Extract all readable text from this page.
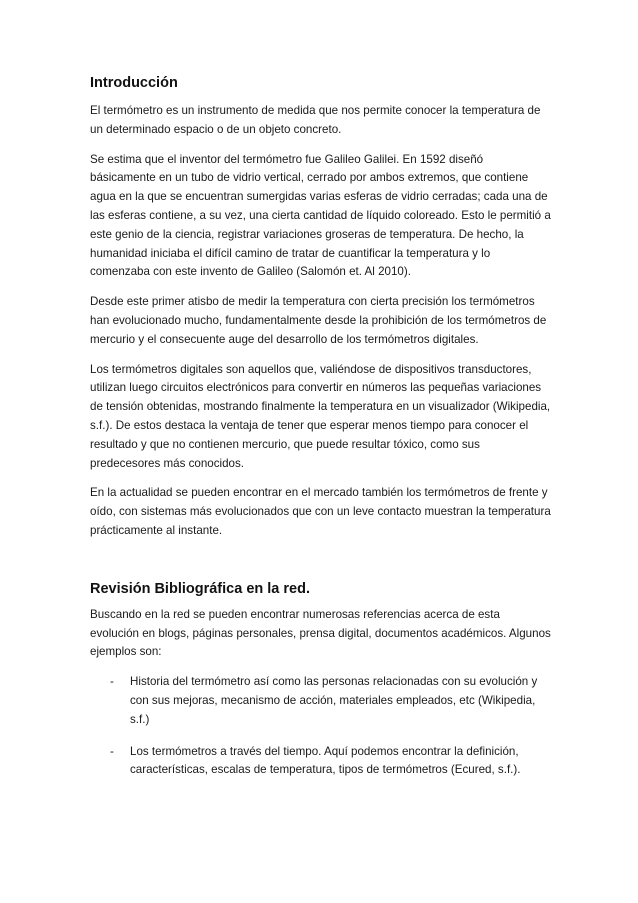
Introducción

El termómetro es un instrumento de medida que nos permite conocer la temperatura de un determinado espacio o de un objeto concreto.

Se estima que el inventor del termómetro fue Galileo Galilei. En 1592 diseñó básicamente en un tubo de vidrio vertical, cerrado por ambos extremos, que contiene agua en la que se encuentran sumergidas varias esferas de vidrio cerradas; cada una de las esferas contiene, a su vez, una cierta cantidad de líquido coloreado. Esto le permitió a este genio de la ciencia, registrar variaciones groseras de temperatura. De hecho, la humanidad iniciaba el difícil camino de tratar de cuantificar la temperatura y lo comenzaba con este invento de Galileo (Salomón et. Al 2010).

Desde este primer atisbo de medir la temperatura con cierta precisión los termómetros han evolucionado mucho, fundamentalmente desde la prohibición de los termómetros de mercurio y el consecuente auge del desarrollo de los termómetros digitales.

Los termómetros digitales son aquellos que, valiéndose de dispositivos transductores, utilizan luego circuitos electrónicos para convertir en números las pequeñas variaciones de tensión obtenidas, mostrando finalmente la temperatura en un visualizador (Wikipedia, s.f.). De estos destaca la ventaja de tener que esperar menos tiempo para conocer el resultado y que no contienen mercurio, que puede resultar tóxico, como sus predecesores más conocidos.

En la actualidad se pueden encontrar en el mercado también los termómetros de frente y oído, con sistemas más evolucionados que con un leve contacto muestran la temperatura prácticamente al instante.

Revisión Bibliográfica en la red.

Buscando en la red se pueden encontrar numerosas referencias acerca de esta evolución en blogs, páginas personales, prensa digital, documentos académicos. Algunos ejemplos son:

- Historia del termómetro así como las personas relacionadas con su evolución y con sus mejoras, mecanismo de acción, materiales empleados, etc (Wikipedia, s.f.)
- Los termómetros a través del tiempo. Aquí podemos encontrar la definición, características, escalas de temperatura, tipos de termómetros (Ecured, s.f.).
